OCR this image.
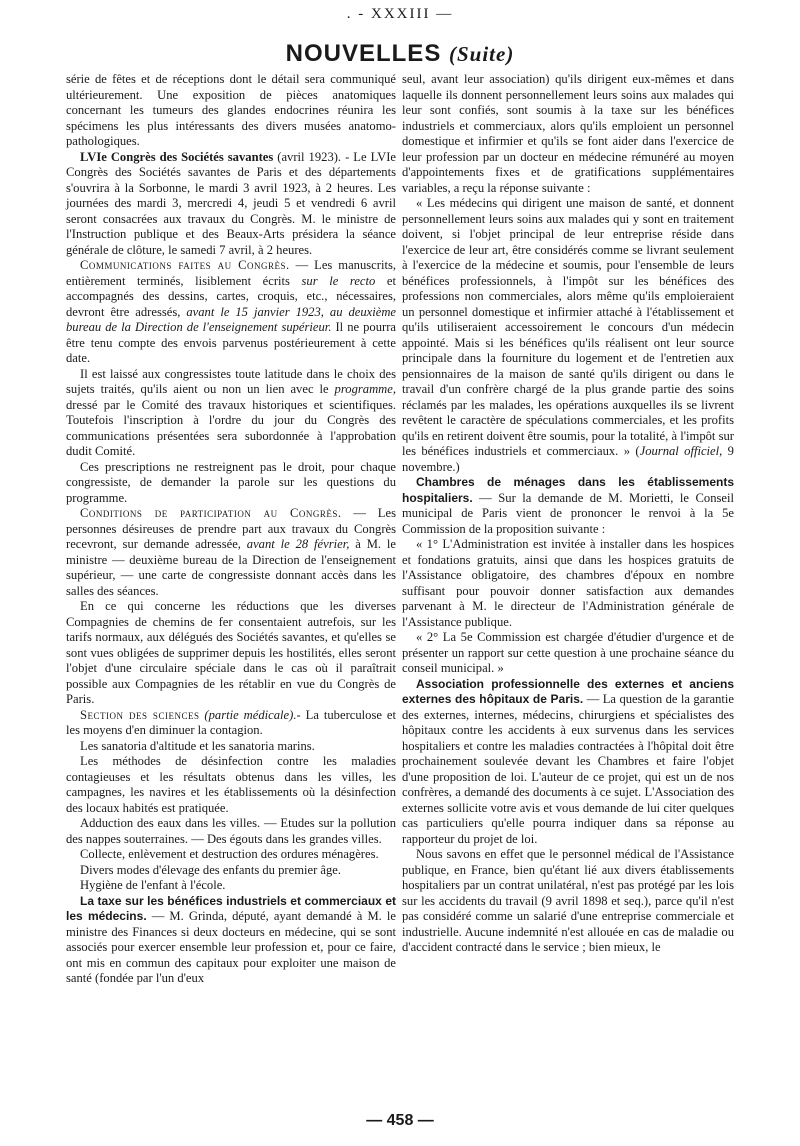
. - XXXIII —
NOUVELLES (Suite)

série de fêtes et de réceptions dont le détail sera communiqué ultérieurement. Une exposition de pièces anatomiques concernant les tumeurs des glandes endocrines réunira les spécimens les plus intéressants des divers musées anatomo-pathologiques.

LVIe Congrès des Sociétés savantes (avril 1923). - Le LVIe Congrès des Sociétés savantes de Paris et des départements s'ouvrira à la Sorbonne, le mardi 3 avril 1923, à 2 heures. Les journées des mardi 3, mercredi 4, jeudi 5 et vendredi 6 avril seront consacrées aux travaux du Congrès. M. le ministre de l'Instruction publique et des Beaux-Arts présidera la séance générale de clôture, le samedi 7 avril, à 2 heures.

Communications faites au Congrès. — Les manuscrits, entièrement terminés, lisiblement écrits sur le recto et accompagnés des dessins, cartes, croquis, etc., nécessaires, devront être adressés, avant le 15 janvier 1923, au deuxième bureau de la Direction de l'enseignement supérieur. Il ne pourra être tenu compte des envois parvenus postérieurement à cette date.

Il est laissé aux congressistes toute latitude dans le choix des sujets traités, qu'ils aient ou non un lien avec le programme, dressé par le Comité des travaux historiques et scientifiques. Toutefois l'inscription à l'ordre du jour du Congrès des communications présentées sera subordonnée à l'approbation dudit Comité.

Ces prescriptions ne restreignent pas le droit, pour chaque congressiste, de demander la parole sur les questions du programme.

Conditions de participation au Congrès. — Les personnes désireuses de prendre part aux travaux du Congrès recevront, sur demande adressée, avant le 28 février, à M. le ministre — deuxième bureau de la Direction de l'enseignement supérieur, — une carte de congressiste donnant accès dans les salles des séances.

En ce qui concerne les réductions que les diverses Compagnies de chemins de fer consentaient autrefois, sur les tarifs normaux, aux délégués des Sociétés savantes, et qu'elles se sont vues obligées de supprimer depuis les hostilités, elles seront l'objet d'une circulaire spéciale dans le cas où il paraîtrait possible aux Compagnies de les rétablir en vue du Congrès de Paris.

Section des sciences (partie médicale).- La tuberculose et les moyens d'en diminuer la contagion.

Les sanatoria d'altitude et les sanatoria marins.

Les méthodes de désinfection contre les maladies contagieuses et les résultats obtenus dans les villes, les campagnes, les navires et les établissements où la désinfection des locaux habités est pratiquée.

Adduction des eaux dans les villes. — Etudes sur la pollution des nappes souterraines. — Des égouts dans les grandes villes.

Collecte, enlèvement et destruction des ordures ménagères.

Divers modes d'élevage des enfants du premier âge.

Hygiène de l'enfant à l'école.

La taxe sur les bénéfices industriels et commerciaux et les médecins. — M. Grinda, député, ayant demandé à M. le ministre des Finances si deux docteurs en médecine, qui se sont associés pour exercer ensemble leur profession et, pour ce faire, ont mis en commun des capitaux pour exploiter une maison de santé (fondée par l'un d'eux

seul, avant leur association) qu'ils dirigent eux-mêmes et dans laquelle ils donnent personnellement leurs soins aux malades qui leur sont confiés, sont soumis à la taxe sur les bénéfices industriels et commerciaux, alors qu'ils emploient un personnel domestique et infirmier et qu'ils se font aider dans l'exercice de leur profession par un docteur en médecine rémunéré au moyen d'appointements fixes et de gratifications supplémentaires variables, a reçu la réponse suivante :

« Les médecins qui dirigent une maison de santé, et donnent personnellement leurs soins aux malades qui y sont en traitement doivent, si l'objet principal de leur entreprise réside dans l'exercice de leur art, être considérés comme se livrant seulement à l'exercice de la médecine et soumis, pour l'ensemble de leurs bénéfices professionnels, à l'impôt sur les bénéfices des professions non commerciales, alors même qu'ils emploieraient un personnel domestique et infirmier attaché à l'établissement et qu'ils utiliseraient accessoirement le concours d'un médecin appointé. Mais si les bénéfices qu'ils réalisent ont leur source principale dans la fourniture du logement et de l'entretien aux pensionnaires de la maison de santé qu'ils dirigent ou dans le travail d'un confrère chargé de la plus grande partie des soins réclamés par les malades, les opérations auxquelles ils se livrent revêtent le caractère de spéculations commerciales, et les profits qu'ils en retirent doivent être soumis, pour la totalité, à l'impôt sur les bénéfices industriels et commerciaux. » (Journal officiel, 9 novembre.)

Chambres de ménages dans les établissements hospitaliers. — Sur la demande de M. Morietti, le Conseil municipal de Paris vient de prononcer le renvoi à la 5e Commission de la proposition suivante :

« 1° L'Administration est invitée à installer dans les hospices et fondations gratuits, ainsi que dans les hospices gratuits de l'Assistance obligatoire, des chambres d'époux en nombre suffisant pour pouvoir donner satisfaction aux demandes parvenant à M. le directeur de l'Administration générale de l'Assistance publique.

« 2° La 5e Commission est chargée d'étudier d'urgence et de présenter un rapport sur cette question à une prochaine séance du conseil municipal. »

Association professionnelle des externes et anciens externes des hôpitaux de Paris. — La question de la garantie des externes, internes, médecins, chirurgiens et spécialistes des hôpitaux contre les accidents à eux survenus dans les services hospitaliers et contre les maladies contractées à l'hôpital doit être prochainement soulevée devant les Chambres et faire l'objet d'une proposition de loi. L'auteur de ce projet, qui est un de nos confrères, a demandé des documents à ce sujet. L'Association des externes sollicite votre avis et vous demande de lui citer quelques cas particuliers qu'elle pourra indiquer dans sa réponse au rapporteur du projet de loi.

Nous savons en effet que le personnel médical de l'Assistance publique, en France, bien qu'étant lié aux divers établissements hospitaliers par un contrat unilatéral, n'est pas protégé par les lois sur les accidents du travail (9 avril 1898 et seq.), parce qu'il n'est pas considéré comme un salarié d'une entreprise commerciale et industrielle. Aucune indemnité n'est allouée en cas de maladie ou d'accident contracté dans le service ; bien mieux, le

— 458 —
